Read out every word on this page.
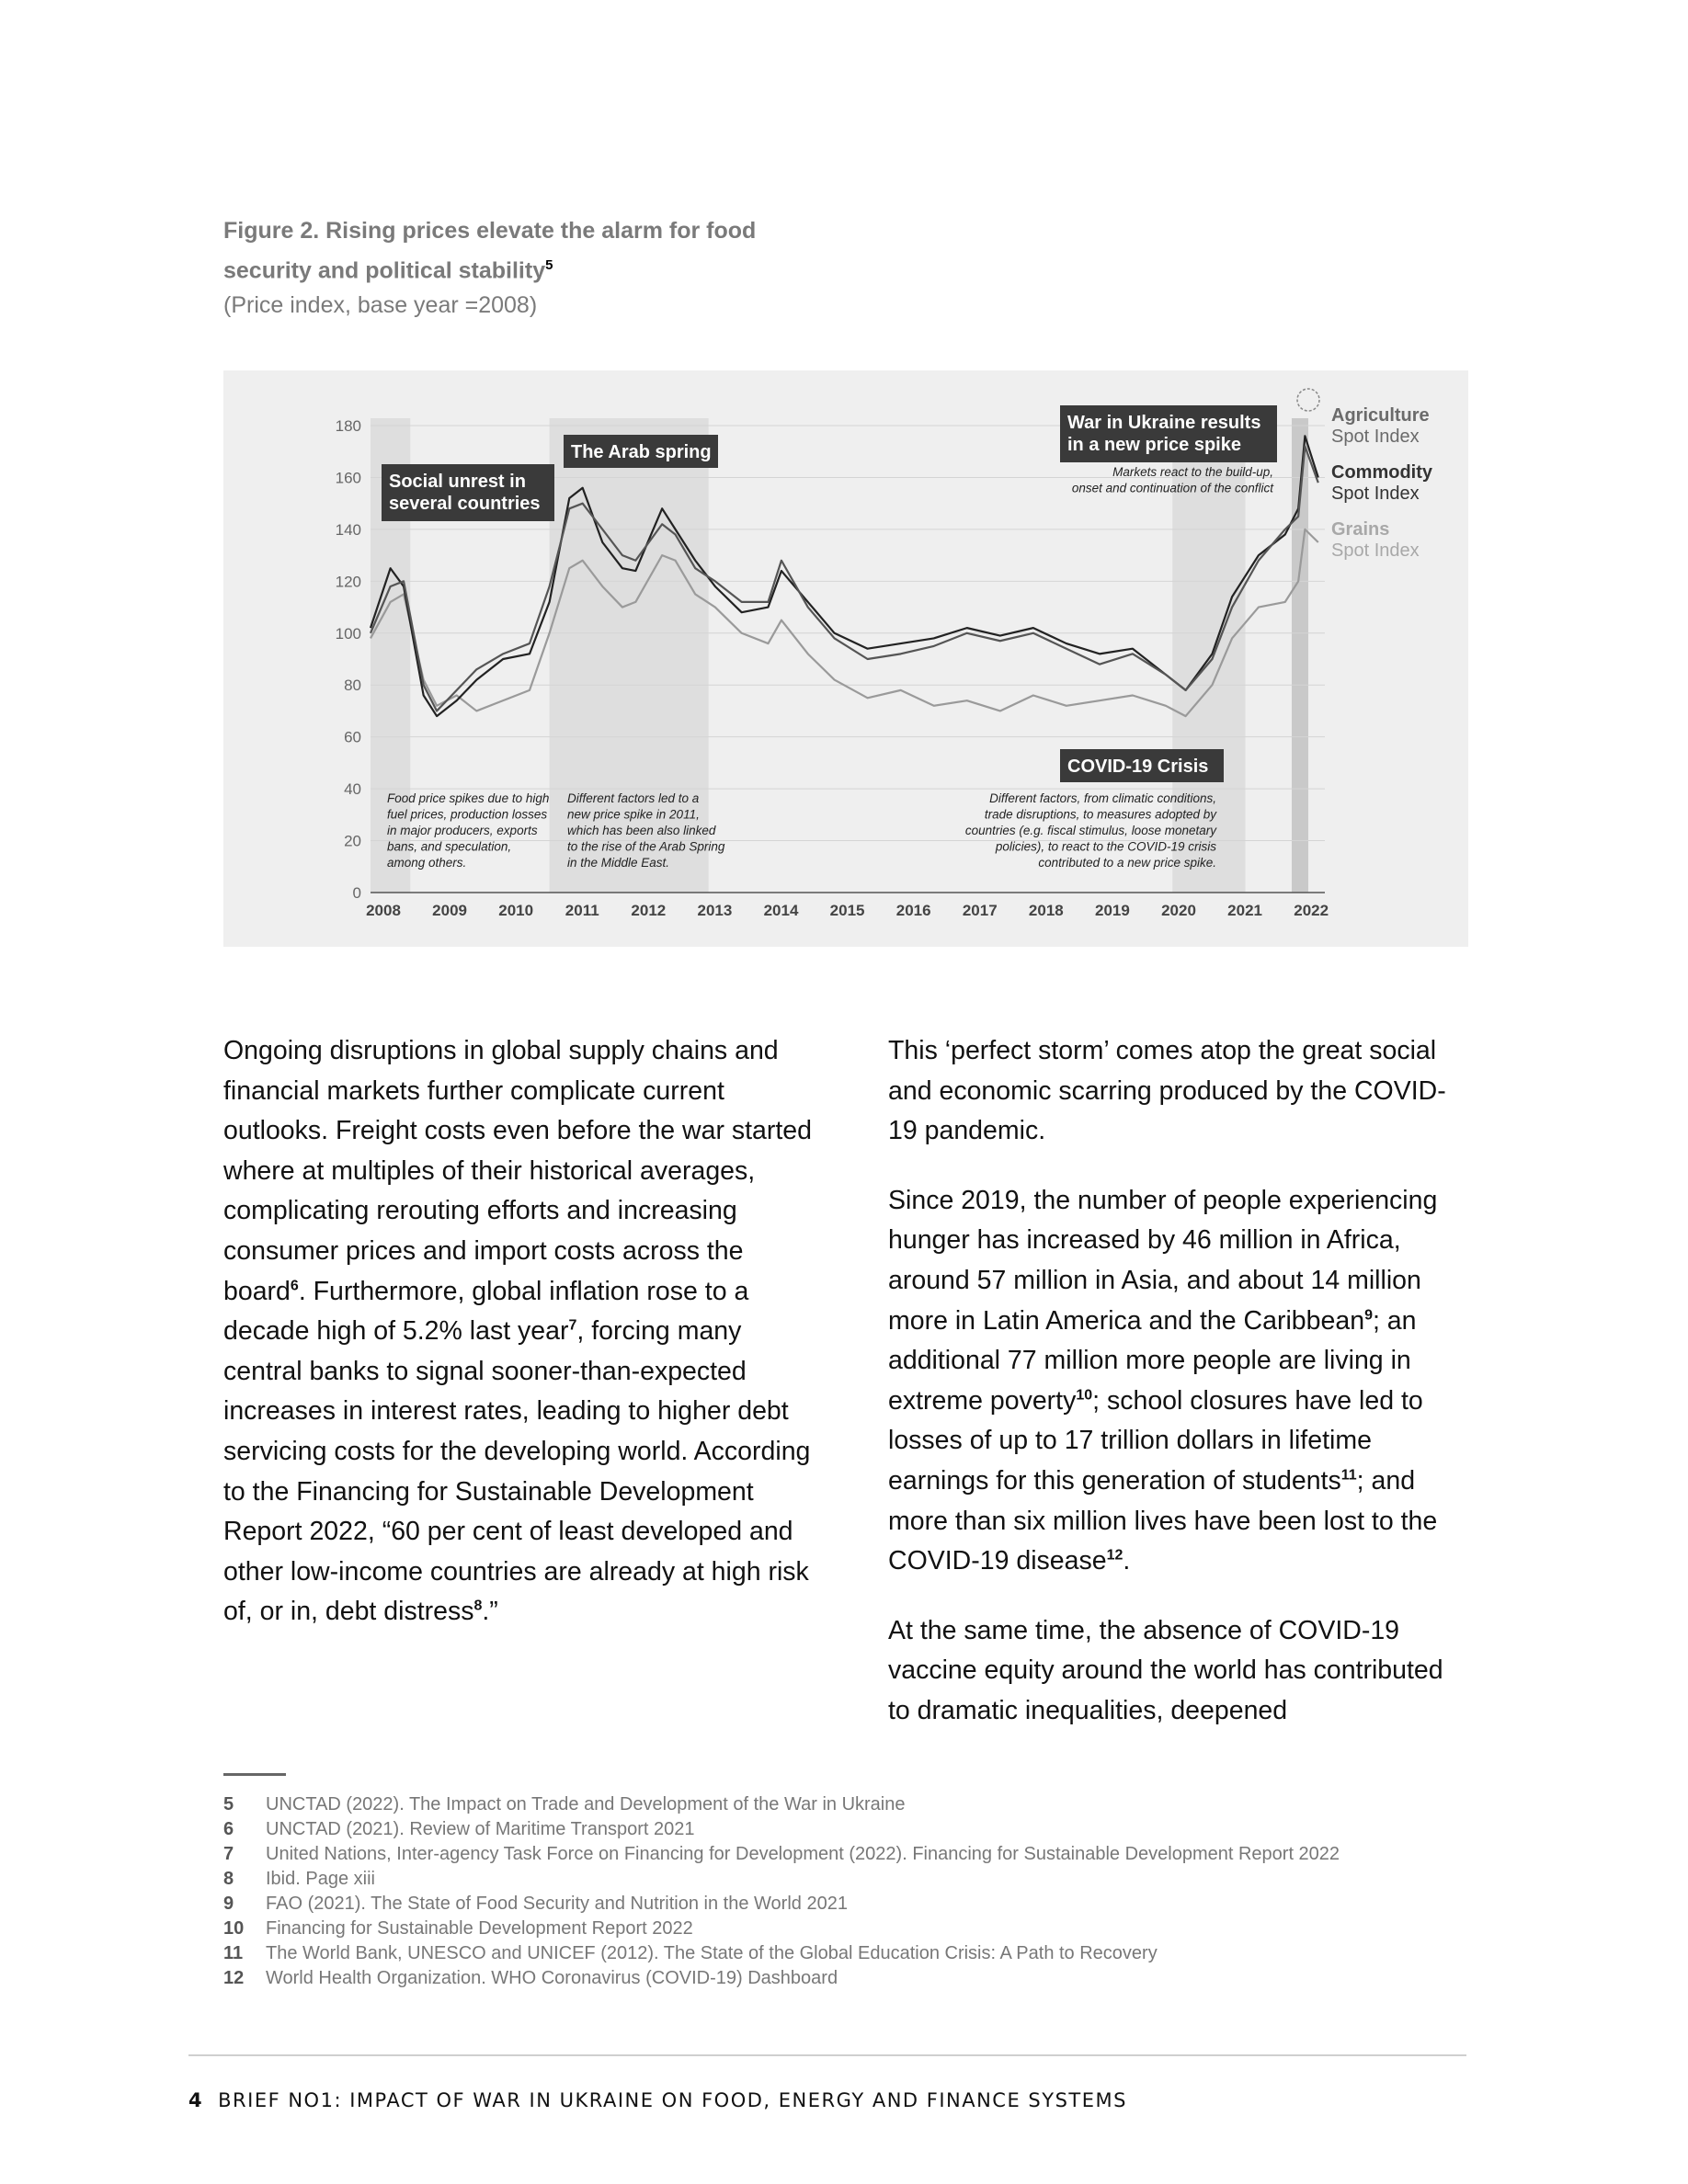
Figure 2. Rising prices elevate the alarm for food
security and political stability$^5$
(Price index, base year =2008)
0
20
40
60
80
100
120
140
160
180
2008 2009 2010 2011 2012 2013 2014 2015 2016 2017 2018 2019 2020 2021 2022
Social unrest in
several countries
The Arab spring
COVID-19 Crisis
War in Ukraine results
in a new price spike
Food price spikes due to high
fuel prices, production losses
in major producers, exports
bans, and speculation,
among others.
Different factors led to a
new price spike in 2011,
which has been also linked
to the rise of the Arab Spring
in the Middle East.
Different factors, from climatic conditions,
trade disruptions, to measures adopted by
countries (e.g. fiscal stimulus, loose monetary
policies), to react to the COVID-19 crisis
contributed to a new price spike.
Markets react to the build-up,
onset and continuation of the conflict
Agriculture
Spot Index
Commodity
Spot Index
Grains
Spot Index

Ongoing disruptions in global supply chains and financial markets further complicate current outlooks. Freight costs even before the war started where at multiples of their historical averages, complicating rerouting efforts and increasing consumer prices and import costs across the board$^6$. Furthermore, global inflation rose to a decade high of 5.2% last year$^7$, forcing many central banks to signal sooner-than-expected increases in interest rates, leading to higher debt servicing costs for the developing world. According to the Financing for Sustainable Development Report 2022, “60 per cent of least developed and other low-income countries are already at high risk of, or in, debt distress$^8$.”

This ‘perfect storm’ comes atop the great social and economic scarring produced by the COVID-19 pandemic.

Since 2019, the number of people experiencing hunger has increased by 46 million in Africa, around 57 million in Asia, and about 14 million more in Latin America and the Caribbean$^9$; an additional 77 million more people are living in extreme poverty$^{10}$; school closures have led to losses of up to 17 trillion dollars in lifetime earnings for this generation of students$^{11}$; and more than six million lives have been lost to the COVID-19 disease$^{12}$.

At the same time, the absence of COVID-19 vaccine equity around the world has contributed to dramatic inequalities, deepened

5	UNCTAD (2022). The Impact on Trade and Development of the War in Ukraine
6	UNCTAD (2021). Review of Maritime Transport 2021
7	United Nations, Inter-agency Task Force on Financing for Development (2022). Financing for Sustainable Development Report 2022
8	Ibid. Page xiii
9	FAO (2021). The State of Food Security and Nutrition in the World 2021
10	Financing for Sustainable Development Report 2022
11	The World Bank, UNESCO and UNICEF (2012). The State of the Global Education Crisis: A Path to Recovery
12	World Health Organization. WHO Coronavirus (COVID-19) Dashboard
4 BRIEF NO1: IMPACT OF WAR IN UKRAINE ON FOOD, ENERGY AND FINANCE SYSTEMS
